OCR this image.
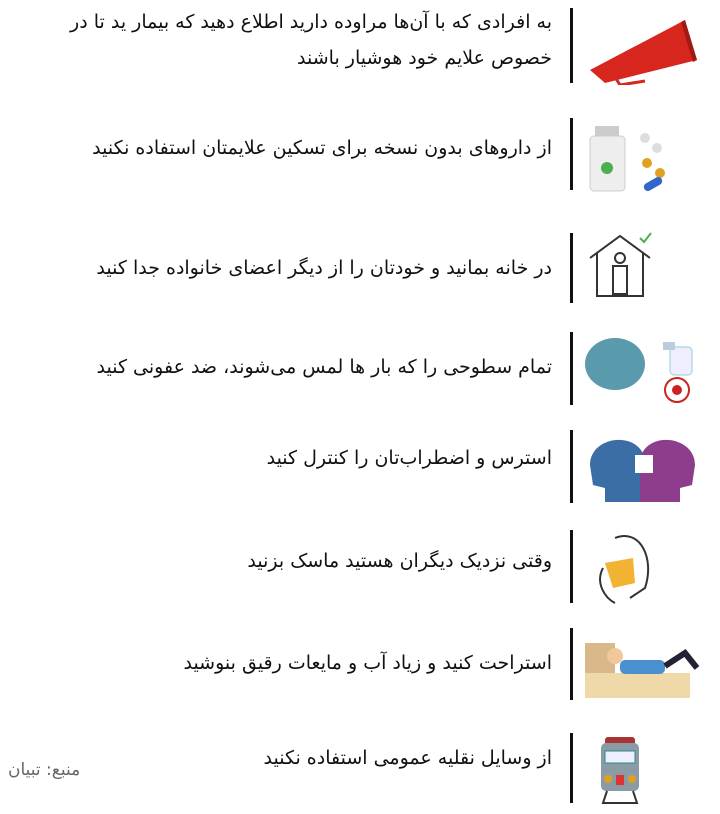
به افرادی که با آن‌ها مراوده دارید اطلاع دهید که بیمار ید تا در خصوص علایم خود هوشیار باشند
از داروهای بدون نسخه برای تسکین علایمتان استفاده نکنید
در خانه بمانید و خودتان را از دیگر اعضای خانواده جدا کنید
تمام سطوحی را که بار ها لمس می‌شوند، ضد عفونی کنید
استرس و اضطراب‌تان را کنترل کنید
وقتی نزدیک دیگران هستید ماسک بزنید
استراحت کنید و زیاد آب و مایعات رقیق بنوشید
از وسایل نقلیه عمومی استفاده نکنید
منبع: تبیان
